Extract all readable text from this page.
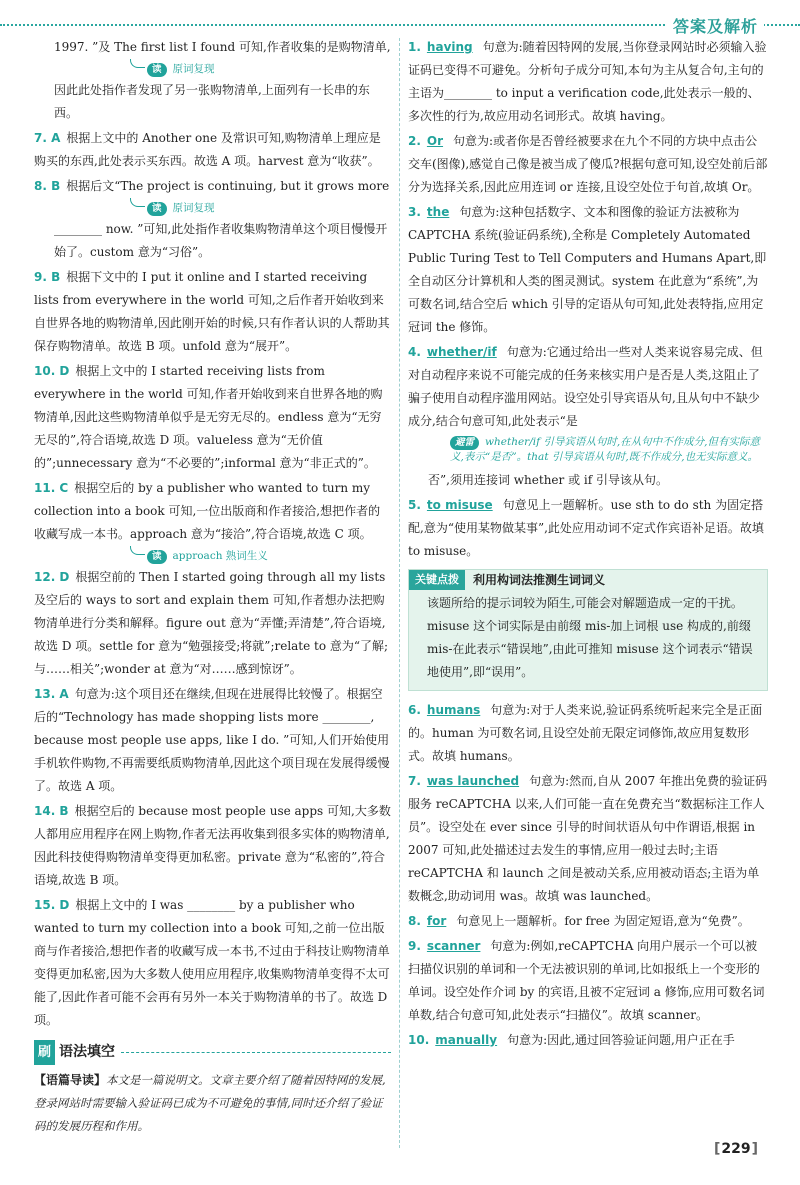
答案及解析

1997. ”及 The first list I found 可知,作者收集的是购物清单,

读 原词复现

因此此处指作者发现了另一张购物清单,上面列有一长串的东西。

7. A 根据上文中的 Another one 及常识可知,购物清单上理应是购买的东西,此处表示买东西。故选 A 项。harvest 意为“收获”。

8. B 根据后文“The project is continuing, but it grows more

读 原词复现

________ now. ”可知,此处指作者收集购物清单这个项目慢慢开始了。custom 意为“习俗”。

9. B 根据下文中的 I put it online and I started receiving lists from everywhere in the world 可知,之后作者开始收到来自世界各地的购物清单,因此刚开始的时候,只有作者认识的人帮助其保存购物清单。故选 B 项。unfold 意为“展开”。

10. D 根据上文中的 I started receiving lists from everywhere in the world 可知,作者开始收到来自世界各地的购物清单,因此这些购物清单似乎是无穷无尽的。endless 意为“无穷无尽的”,符合语境,故选 D 项。valueless 意为“无价值的”;unnecessary 意为“不必要的”;informal 意为“非正式的”。

11. C 根据空后的 by a publisher who wanted to turn my collection into a book 可知,一位出版商和作者接洽,想把作者的收藏写成一本书。approach 意为“接洽”,符合语境,故选 C 项。

读 approach 熟词生义

12. D 根据空前的 Then I started going through all my lists 及空后的 ways to sort and explain them 可知,作者想办法把购物清单进行分类和解释。figure out 意为“弄懂;弄清楚”,符合语境,故选 D 项。settle for 意为“勉强接受;将就”;relate to 意为“了解;与……相关”;wonder at 意为“对……感到惊讶”。

13. A 句意为:这个项目还在继续,但现在进展得比较慢了。根据空后的“Technology has made shopping lists more ________, because most people use apps, like I do. ”可知,人们开始使用手机软件购物,不再需要纸质购物清单,因此这个项目现在发展得缓慢了。故选 A 项。

14. B 根据空后的 because most people use apps 可知,大多数人都用应用程序在网上购物,作者无法再收集到很多实体的购物清单,因此科技使得购物清单变得更加私密。private 意为“私密的”,符合语境,故选 B 项。

15. D 根据上文中的 I was ________ by a publisher who wanted to turn my collection into a book 可知,之前一位出版商与作者接洽,想把作者的收藏写成一本书,不过由于科技让购物清单变得更加私密,因为大多数人使用应用程序,收集购物清单变得不太可能了,因此作者可能不会再有另外一本关于购物清单的书了。故选 D 项。

刷 语法填空

【语篇导读】本文是一篇说明文。文章主要介绍了随着因特网的发展,登录网站时需要输入验证码已成为不可避免的事情,同时还介绍了验证码的发展历程和作用。

1. having 句意为:随着因特网的发展,当你登录网站时必须输入验证码已变得不可避免。分析句子成分可知,本句为主从复合句,主句的主语为________ to input a verification code,此处表示一般的、多次性的行为,故应用动名词形式。故填 having。

2. Or 句意为:或者你是否曾经被要求在九个不同的方块中点击公交车(图像),感觉自己像是被当成了傻瓜?根据句意可知,设空处前后部分为选择关系,因此应用连词 or 连接,且设空处位于句首,故填 Or。

3. the 句意为:这种包括数字、文本和图像的验证方法被称为 CAPTCHA 系统(验证码系统),全称是 Completely Automated Public Turing Test to Tell Computers and Humans Apart,即全自动区分计算机和人类的图灵测试。system 在此意为“系统”,为可数名词,结合空后 which 引导的定语从句可知,此处表特指,应用定冠词 the 修饰。

4. whether/if 句意为:它通过给出一些对人类来说容易完成、但对自动程序来说不可能完成的任务来核实用户是否是人类,这阻止了骗子使用自动程序滥用网站。设空处引导宾语从句,且从句中不缺少成分,结合句意可知,此处表示“是

避雷 whether/if 引导宾语从句时,在从句中不作成分,但有实际意义,表示“是否”。that 引导宾语从句时,既不作成分,也无实际意义。

否”,须用连接词 whether 或 if 引导该从句。

5. to misuse 句意见上一题解析。use sth to do sth 为固定搭配,意为“使用某物做某事”,此处应用动词不定式作宾语补足语。故填 to misuse。

关键点拨	利用构词法推测生词词义
该题所给的提示词较为陌生,可能会对解题造成一定的干扰。misuse 这个词实际是由前缀 mis-加上词根 use 构成的,前缀 mis-在此表示“错误地”,由此可推知 misuse 这个词表示“错误地使用”,即“误用”。

6. humans 句意为:对于人类来说,验证码系统听起来完全是正面的。human 为可数名词,且设空处前无限定词修饰,故应用复数形式。故填 humans。

7. was launched 句意为:然而,自从 2007 年推出免费的验证码服务 reCAPTCHA 以来,人们可能一直在免费充当“数据标注工作人员”。设空处在 ever since 引导的时间状语从句中作谓语,根据 in 2007 可知,此处描述过去发生的事情,应用一般过去时;主语 reCAPTCHA 和 launch 之间是被动关系,应用被动语态;主语为单数概念,助动词用 was。故填 was launched。

8. for 句意见上一题解析。for free 为固定短语,意为“免费”。

9. scanner 句意为:例如,reCAPTCHA 向用户展示一个可以被扫描仪识别的单词和一个无法被识别的单词,比如报纸上一个变形的单词。设空处作介词 by 的宾语,且被不定冠词 a 修饰,应用可数名词单数,结合句意可知,此处表示“扫描仪”。故填 scanner。

10. manually 句意为:因此,通过回答验证问题,用户正在手

[ 229 ]
